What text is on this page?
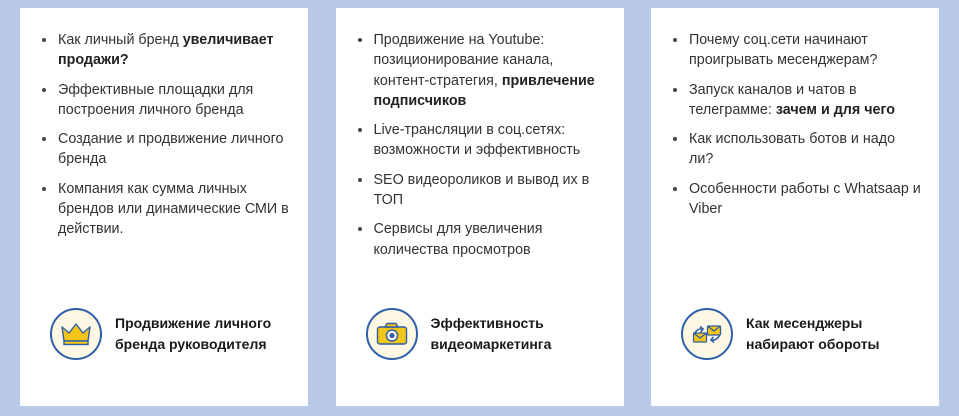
Как личный бренд увеличивает продажи?
Эффективные площадки для построения личного бренда
Создание и продвижение личного бренда
Компания как сумма личных брендов или динамические СМИ в действии.
Продвижение личного бренда руководителя
Продвижение на Youtube: позиционирование канала, контент-стратегия, привлечение подписчиков
Live-трансляции в соц.сетях: возможности и эффективность
SEO видеороликов и вывод их в ТОП
Сервисы для увеличения количества просмотров
Эффективность видеомаркетинга
Почему соц.сети начинают проигрывать месенджерам?
Запуск каналов и чатов в телеграмме: зачем и для чего
Как использовать ботов и надо ли?
Особенности работы с Whatsaap и Viber
Как месенджеры набирают обороты
